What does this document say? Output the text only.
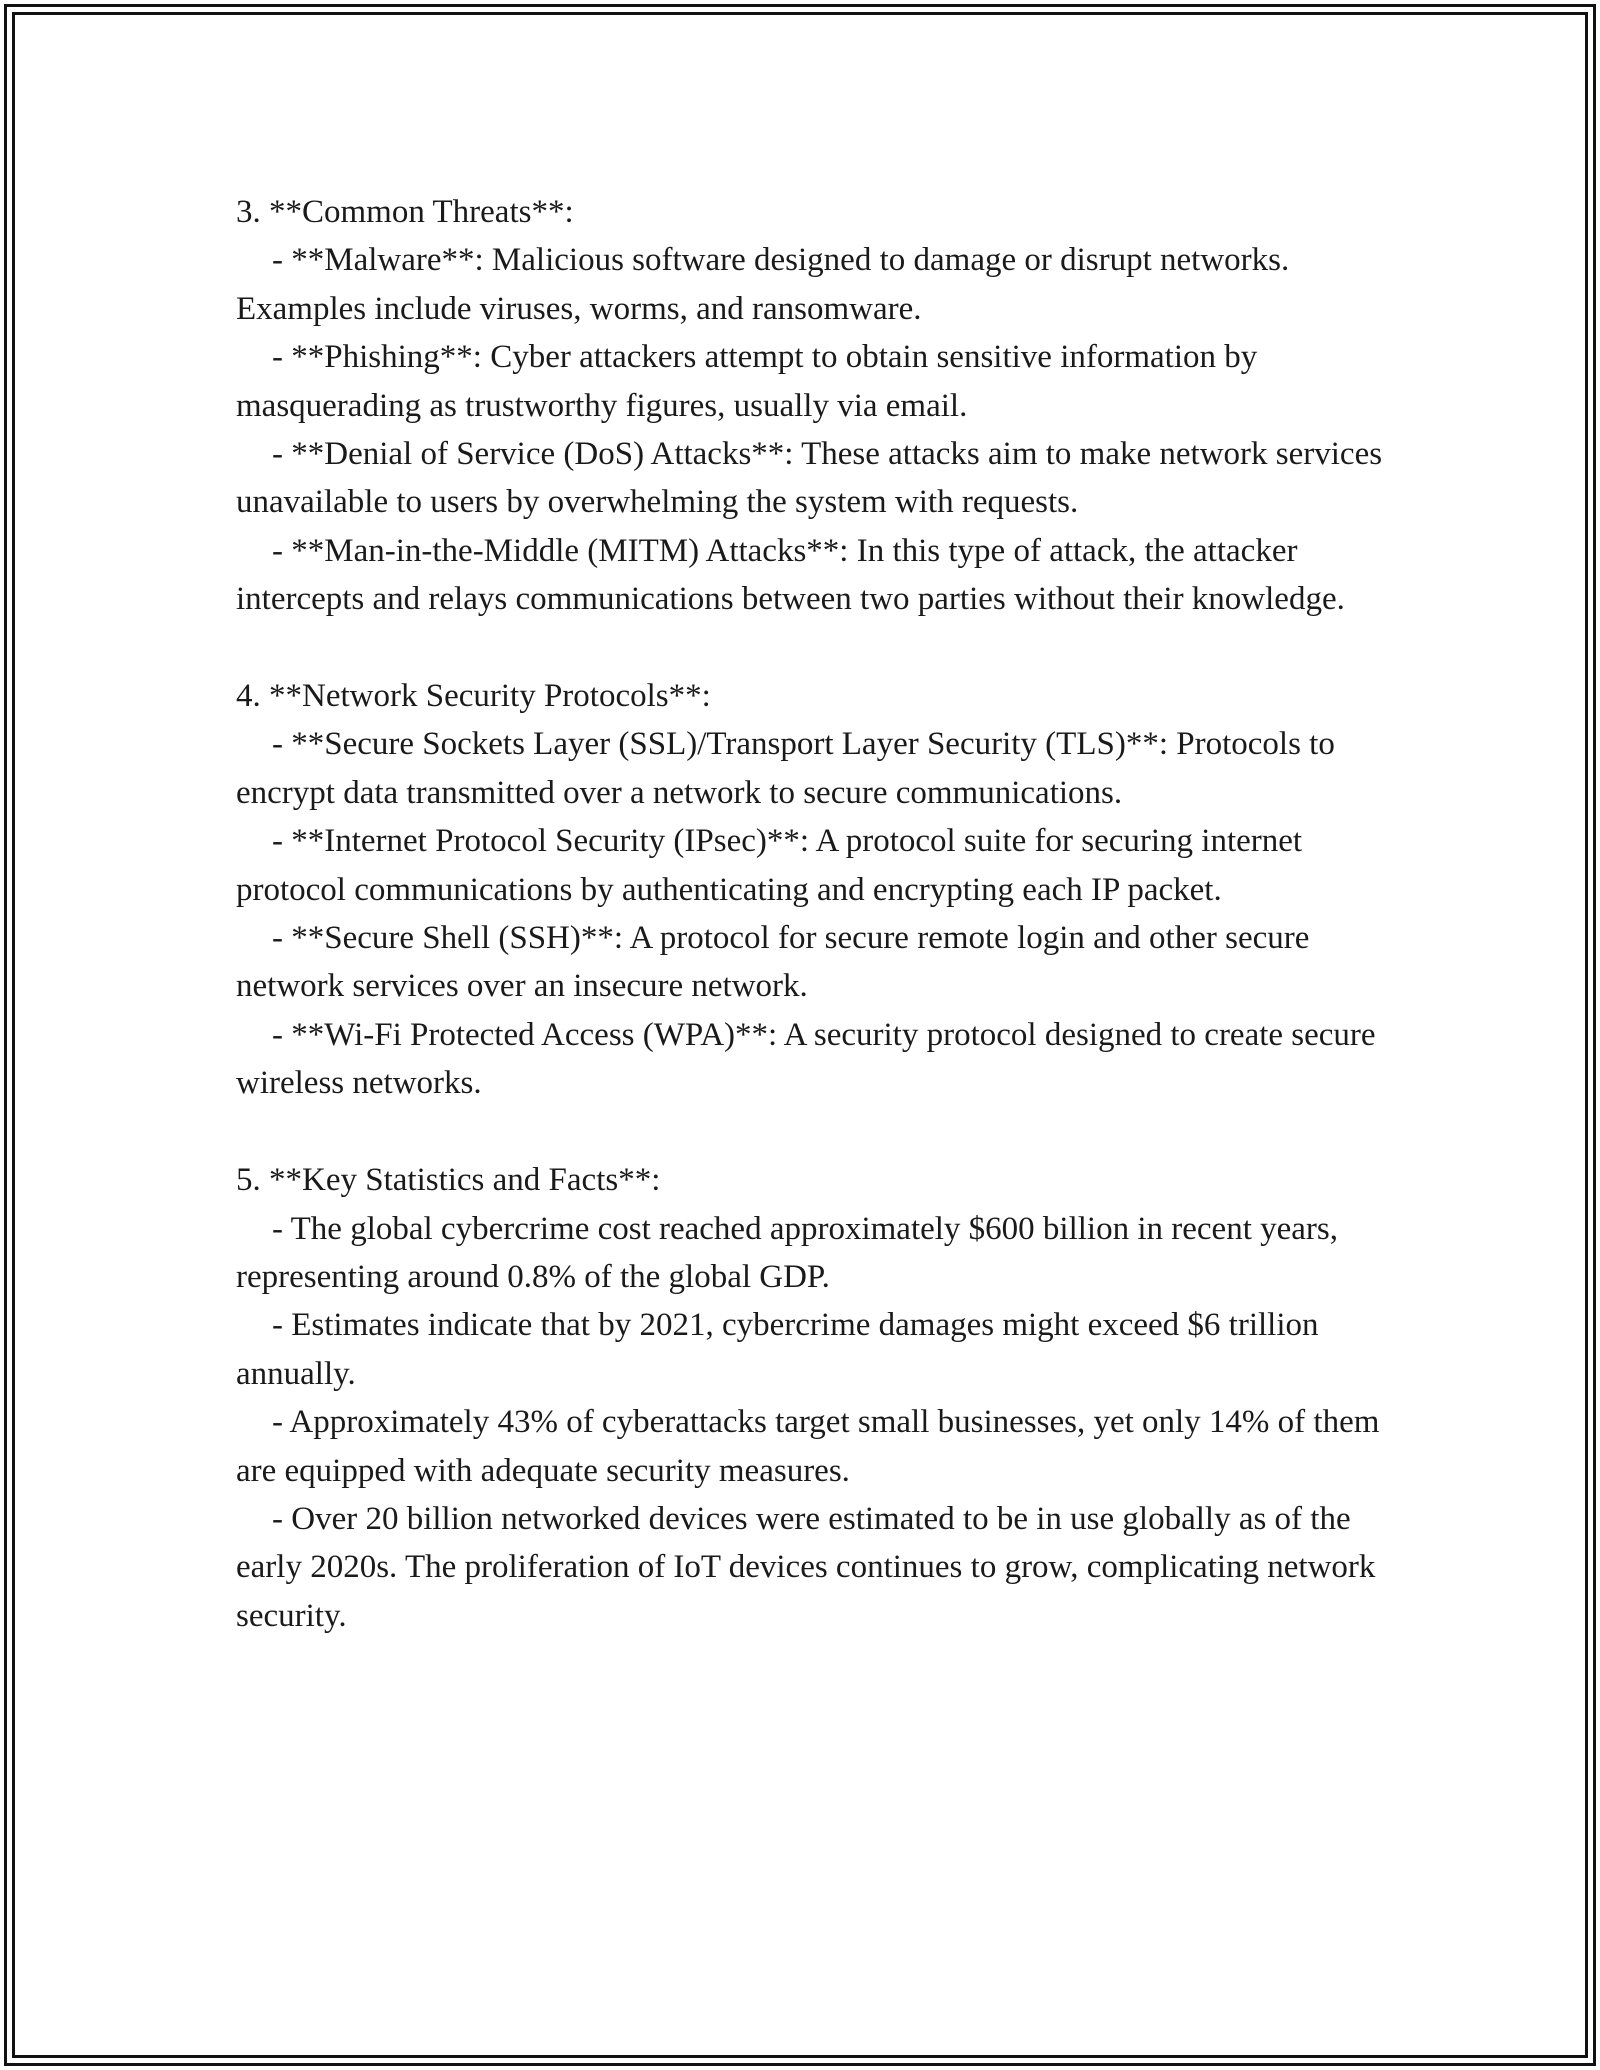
3. **Common Threats**:

- **Malware**: Malicious software designed to damage or disrupt networks. Examples include viruses, worms, and ransomware.

- **Phishing**: Cyber attackers attempt to obtain sensitive information by masquerading as trustworthy figures, usually via email.

- **Denial of Service (DoS) Attacks**: These attacks aim to make network services unavailable to users by overwhelming the system with requests.

- **Man-in-the-Middle (MITM) Attacks**: In this type of attack, the attacker intercepts and relays communications between two parties without their knowledge.

4. **Network Security Protocols**:

- **Secure Sockets Layer (SSL)/Transport Layer Security (TLS)**: Protocols to encrypt data transmitted over a network to secure communications.

- **Internet Protocol Security (IPsec)**: A protocol suite for securing internet protocol communications by authenticating and encrypting each IP packet.

- **Secure Shell (SSH)**: A protocol for secure remote login and other secure network services over an insecure network.

- **Wi-Fi Protected Access (WPA)**: A security protocol designed to create secure wireless networks.

5. **Key Statistics and Facts**:

- The global cybercrime cost reached approximately $600 billion in recent years, representing around 0.8% of the global GDP.

- Estimates indicate that by 2021, cybercrime damages might exceed $6 trillion annually.

- Approximately 43% of cyberattacks target small businesses, yet only 14% of them are equipped with adequate security measures.

- Over 20 billion networked devices were estimated to be in use globally as of the early 2020s. The proliferation of IoT devices continues to grow, complicating network security.
